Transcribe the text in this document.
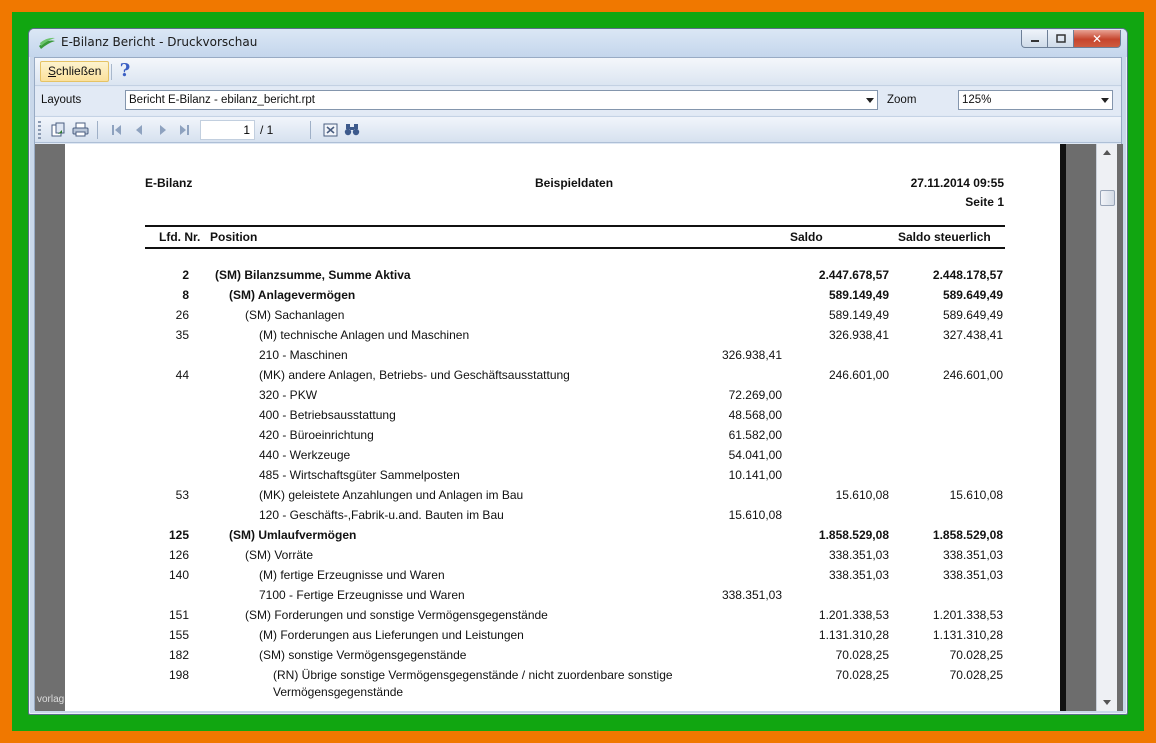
E-Bilanz Bericht - Druckvorschau	✕
Schließen	?
Layouts	Bericht E-Bilanz - ebilanz_bericht.rpt	Zoom	125%
1 / 1
vorlag
E-Bilanz	Beispieldaten	27.11.2014 09:55
Seite 1
Lfd. Nr. Position	Saldo	Saldo steuerlich
2 (SM) Bilanzsumme, Summe Aktiva	2.447.678,57	2.448.178,57
8	(SM) Anlagevermögen	589.149,49	589.649,49
26	(SM) Sachanlagen	589.149,49	589.649,49
35	(M) technische Anlagen und Maschinen	326.938,41	327.438,41
210 - Maschinen	326.938,41
44	(MK) andere Anlagen, Betriebs- und Geschäftsausstattung	246.601,00	246.601,00
320 - PKW	72.269,00
400 - Betriebsausstattung	48.568,00
420 - Büroeinrichtung	61.582,00
440 - Werkzeuge	54.041,00
485 - Wirtschaftsgüter Sammelposten	10.141,00
53	(MK) geleistete Anzahlungen und Anlagen im Bau	15.610,08	15.610,08
120 - Geschäfts-,Fabrik-u.and. Bauten im Bau	15.610,08
125	(SM) Umlaufvermögen	1.858.529,08	1.858.529,08
126	(SM) Vorräte	338.351,03	338.351,03
140	(M) fertige Erzeugnisse und Waren	338.351,03	338.351,03
7100 - Fertige Erzeugnisse und Waren	338.351,03
151	(SM) Forderungen und sonstige Vermögensgegenstände	1.201.338,53	1.201.338,53
155	(M) Forderungen aus Lieferungen und Leistungen	1.131.310,28	1.131.310,28
182	(SM) sonstige Vermögensgegenstände	70.028,25	70.028,25
198	(RN) Übrige sonstige Vermögensgegenstände / nicht zuordenbare sonstige	70.028,25	70.028,25
Vermögensgegenstände
